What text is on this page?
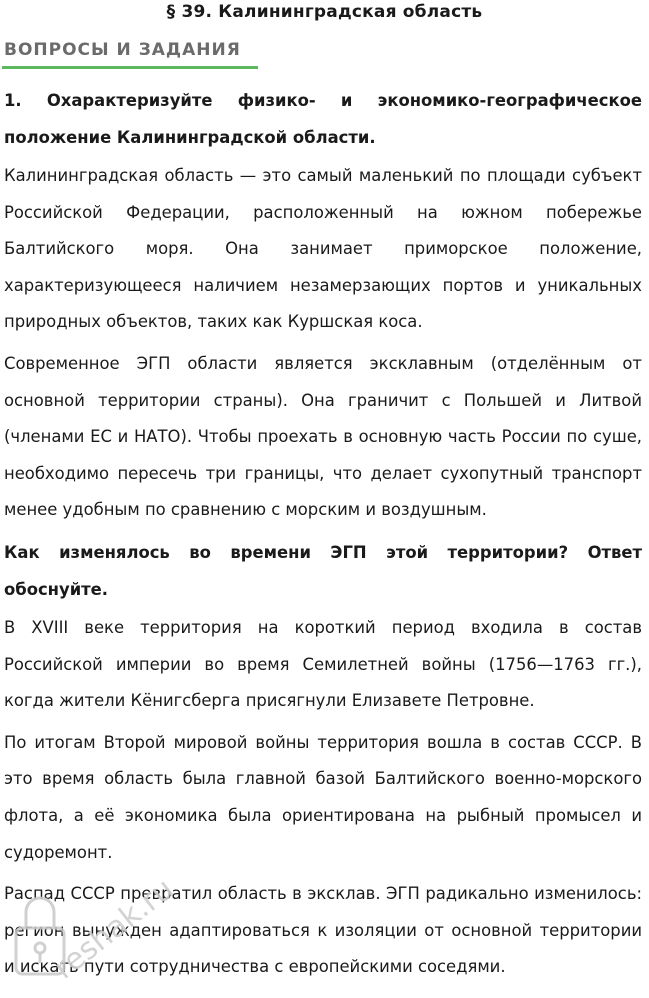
§ 39. Калининградская область
ВОПРОСЫ И ЗАДАНИЯ
1. Охарактеризуйте физико- и экономико-географическое положение Калининградской области.
Калининградская область — это самый маленький по площади субъект Российской Федерации, расположенный на южном побережье Балтийского моря. Она занимает приморское положение, характеризующееся наличием незамерзающих портов и уникальных природных объектов, таких как Куршская коса.
Современное ЭГП области является эксклавным (отделённым от основной территории страны). Она граничит с Польшей и Литвой (членами ЕС и НАТО). Чтобы проехать в основную часть России по суше, необходимо пересечь три границы, что делает сухопутный транспорт менее удобным по сравнению с морским и воздушным.
Как изменялось во времени ЭГП этой территории? Ответ обоснуйте.
В XVIII веке территория на короткий период входила в состав Российской империи во время Семилетней войны (1756—1763 гг.), когда жители Кёнигсберга присягнули Елизавете Петровне.
По итогам Второй мировой войны территория вошла в состав СССР. В это время область была главной базой Балтийского военно-морского флота, а её экономика была ориентирована на рыбный промысел и судоремонт.
Распад СССР превратил область в эксклав. ЭГП радикально изменилось: регион вынужден адаптироваться к изоляции от основной территории и искать пути сотрудничества с европейскими соседями.
reshak.ru
